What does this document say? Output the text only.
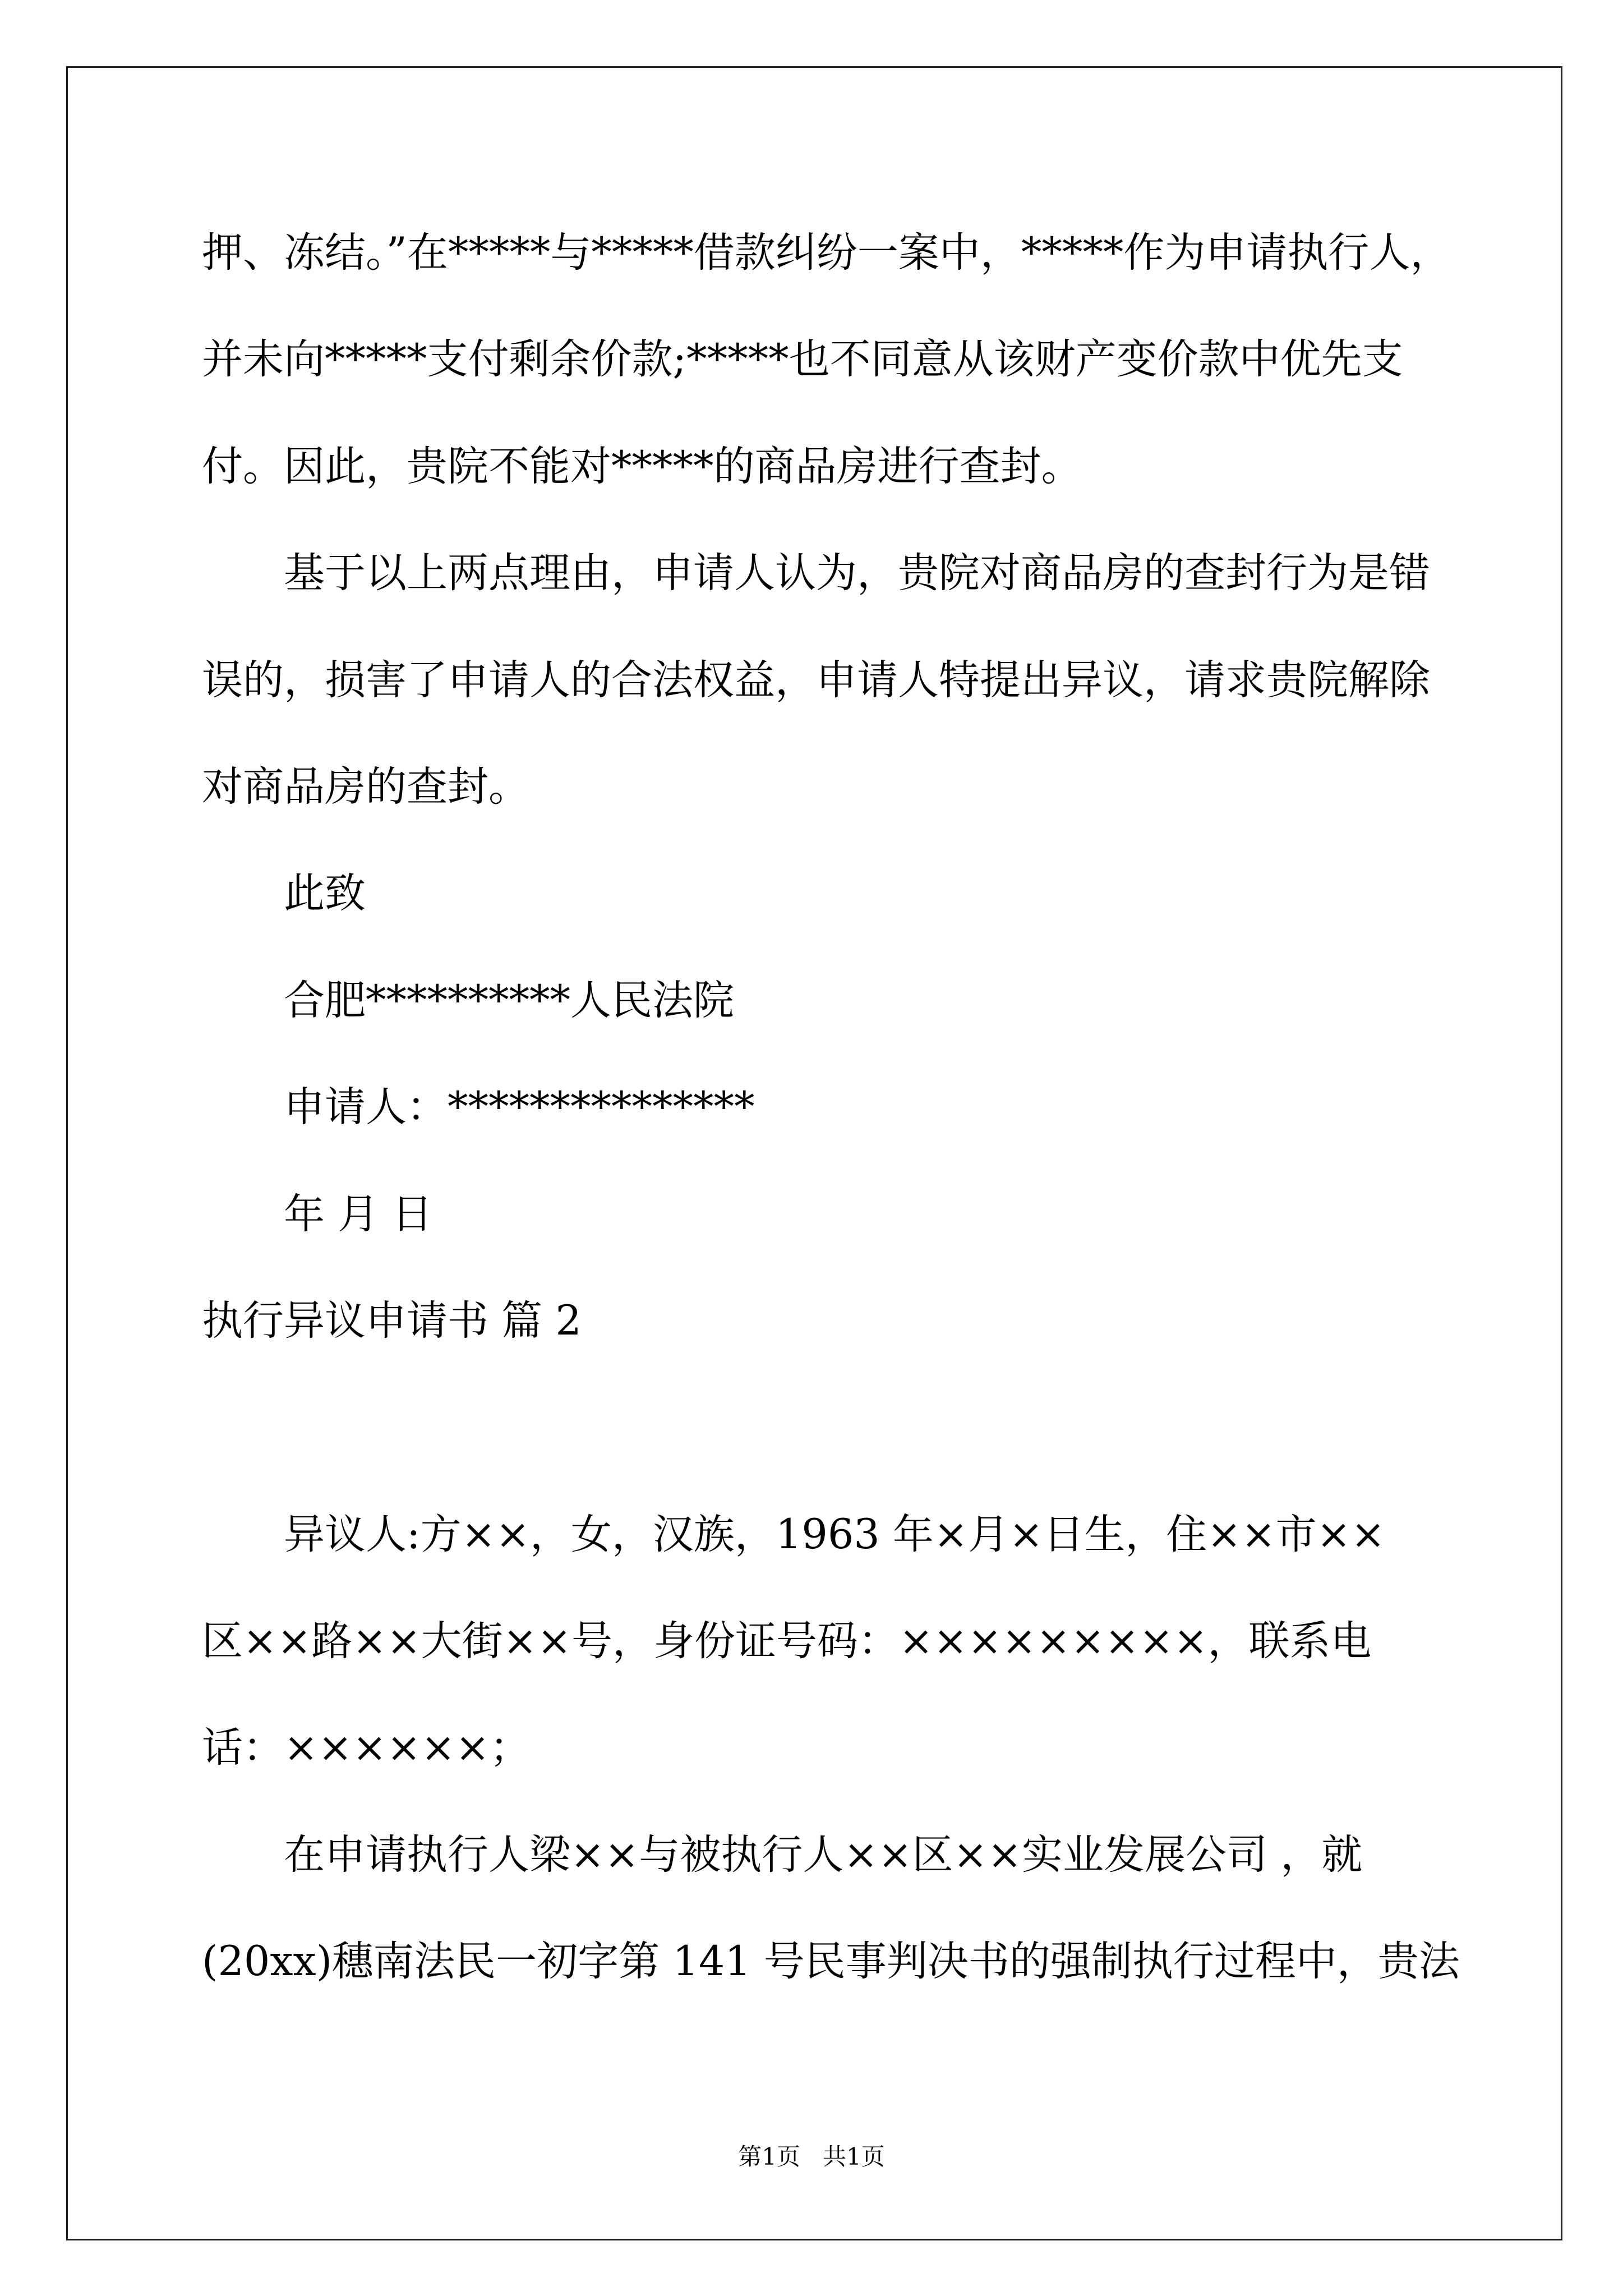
押、冻结。”在*****与*****借款纠纷一案中，*****作为申请执行人，
并未向*****支付剩余价款;*****也不同意从该财产变价款中优先支
付。因此，贵院不能对*****的商品房进行查封。
基于以上两点理由，申请人认为，贵院对商品房的查封行为是错
误的，损害了申请人的合法权益，申请人特提出异议，请求贵院解除
对商品房的查封。
此致
合肥**********人民法院
申请人：***************
年 月 日
执行异议申请书 篇 2
异议人:方××，女，汉族，1963 年×月×日生，住××市××
区××路××大街××号，身份证号码：×××××××××，联系电
话：××××××；
在申请执行人梁××与被执行人××区××实业发展公司 ，就
(20xx)穗南法民一初字第 141 号民事判决书的强制执行过程中，贵法
第1页   共1页
